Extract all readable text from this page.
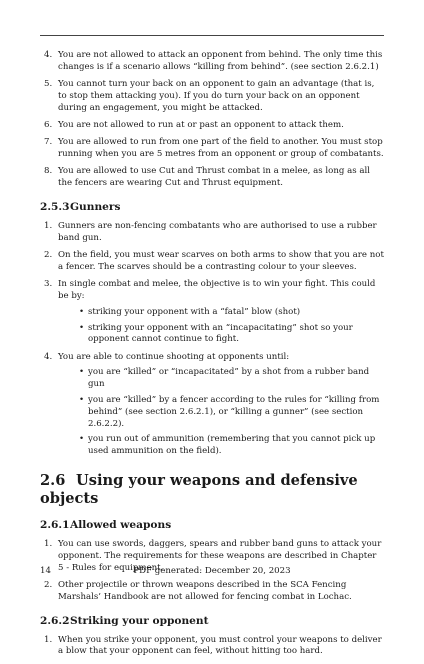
4. You are not allowed to attack an opponent from behind. The only time this changes is if a scenario allows “killing from behind”. (see section 2.6.2.1)
5. You cannot turn your back on an opponent to gain an advantage (that is, to stop them attacking you). If you do turn your back on an opponent during an engagement, you might be attacked.
6. You are not allowed to run at or past an opponent to attack them.
7. You are allowed to run from one part of the field to another. You must stop running when you are 5 metres from an opponent or group of combatants.
8. You are allowed to use Cut and Thrust combat in a melee, as long as all the fencers are wearing Cut and Thrust equipment.
2.5.3Gunners
1. Gunners are non-fencing combatants who are authorised to use a rubber band gun.
2. On the field, you must wear scarves on both arms to show that you are not a fencer. The scarves should be a contrasting colour to your sleeves.
3. In single combat and melee, the objective is to win your fight. This could be by:
• striking your opponent with a “fatal” blow (shot)
• striking your opponent with an “incapacitating” shot so your opponent cannot continue to fight.
4. You are able to continue shooting at opponents until:
• you are “killed” or “incapacitated” by a shot from a rubber band gun
• you are “killed” by a fencer according to the rules for “killing from behind” (see section 2.6.2.1), or “killing a gunner” (see section 2.6.2.2).
• you run out of ammunition (remembering that you cannot pick up used ammunition on the field).
2.6 Using your weapons and defensive objects
2.6.1Allowed weapons
1. You can use swords, daggers, spears and rubber band guns to attack your opponent. The requirements for these weapons are described in Chapter 5 - Rules for equipment.
2. Other projectile or thrown weapons described in the SCA Fencing Marshals’ Handbook are not allowed for fencing combat in Lochac.
2.6.2Striking your opponent
1. When you strike your opponent, you must control your weapons to deliver a blow that your opponent can feel, without hitting too hard.
14	PDF generated: December 20, 2023
